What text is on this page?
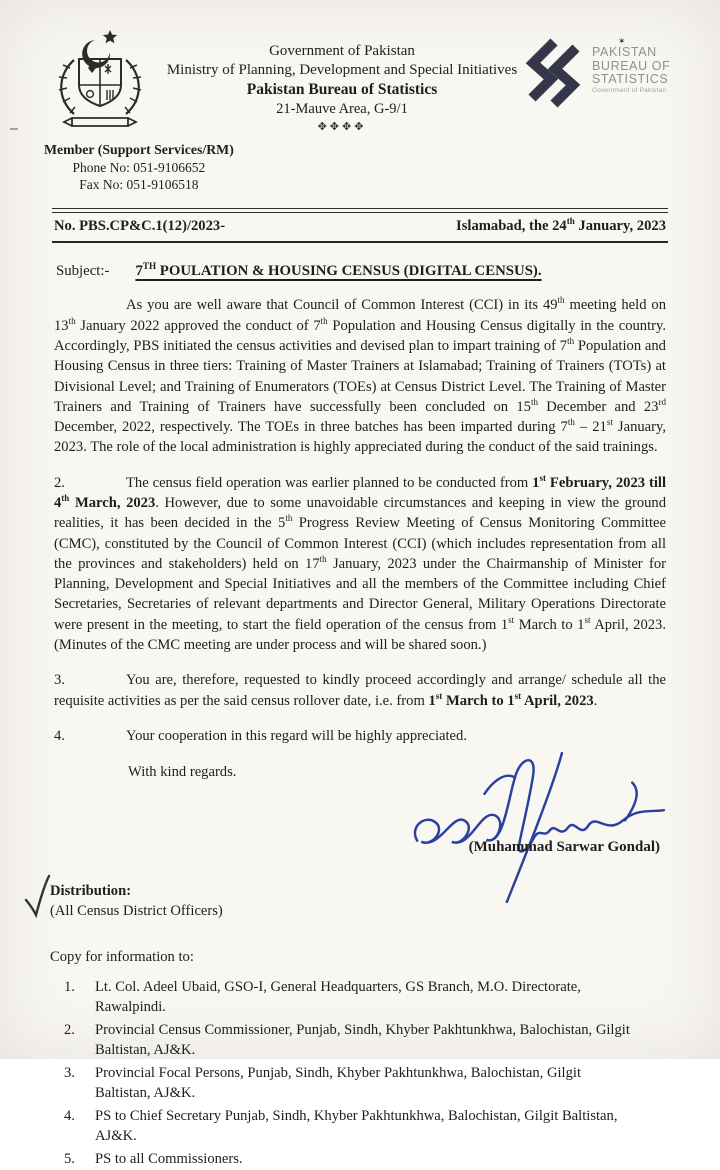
Government of Pakistan
Ministry of Planning, Development and Special Initiatives
Pakistan Bureau of Statistics
21-Mauve Area, G-9/1
✥✥✥✥
✶
PAKISTAN
BUREAU OF
STATISTICS
Government of Pakistan
Member (Support Services/RM)
Phone No: 051-9106652
Fax No: 051-9106518
No. PBS.CP&C.1(12)/2023-	Islamabad, the 24th January, 2023
Subject:- 7TH POULATION & HOUSING CENSUS (DIGITAL CENSUS).
As you are well aware that Council of Common Interest (CCI) in its 49th meeting held on 13th January 2022 approved the conduct of 7th Population and Housing Census digitally in the country. Accordingly, PBS initiated the census activities and devised plan to impart training of 7th Population and Housing Census in three tiers: Training of Master Trainers at Islamabad; Training of Trainers (TOTs) at Divisional Level; and Training of Enumerators (TOEs) at Census District Level. The Training of Master Trainers and Training of Trainers have successfully been concluded on 15th December and 23rd December, 2022, respectively. The TOEs in three batches has been imparted during 7th – 21st January, 2023. The role of the local administration is highly appreciated during the conduct of the said trainings.
2.	The census field operation was earlier planned to be conducted from 1st February, 2023 till 4th March, 2023. However, due to some unavoidable circumstances and keeping in view the ground realities, it has been decided in the 5th Progress Review Meeting of Census Monitoring Committee (CMC), constituted by the Council of Common Interest (CCI) (which includes representation from all the provinces and stakeholders) held on 17th January, 2023 under the Chairmanship of Minister for Planning, Development and Special Initiatives and all the members of the Committee including Chief Secretaries, Secretaries of relevant departments and Director General, Military Operations Directorate were present in the meeting, to start the field operation of the census from 1st March to 1st April, 2023. (Minutes of the CMC meeting are under process and will be shared soon.)
3.	You are, therefore, requested to kindly proceed accordingly and arrange/ schedule all the requisite activities as per the said census rollover date, i.e. from 1st March to 1st April, 2023.
4.	Your cooperation in this regard will be highly appreciated.
With kind regards.
(Muhammad Sarwar Gondal)
Distribution:
(All Census District Officers)
Copy for information to:
1.	Lt. Col. Adeel Ubaid, GSO-I, General Headquarters, GS Branch, M.O. Directorate, Rawalpindi.
2.	Provincial Census Commissioner, Punjab, Sindh, Khyber Pakhtunkhwa, Balochistan, Gilgit Baltistan, AJ&K.
3.	Provincial Focal Persons, Punjab, Sindh, Khyber Pakhtunkhwa, Balochistan, Gilgit Baltistan, AJ&K.
4.	PS to Chief Secretary Punjab, Sindh, Khyber Pakhtunkhwa, Balochistan, Gilgit Baltistan, AJ&K.
5.	PS to all Commissioners.
